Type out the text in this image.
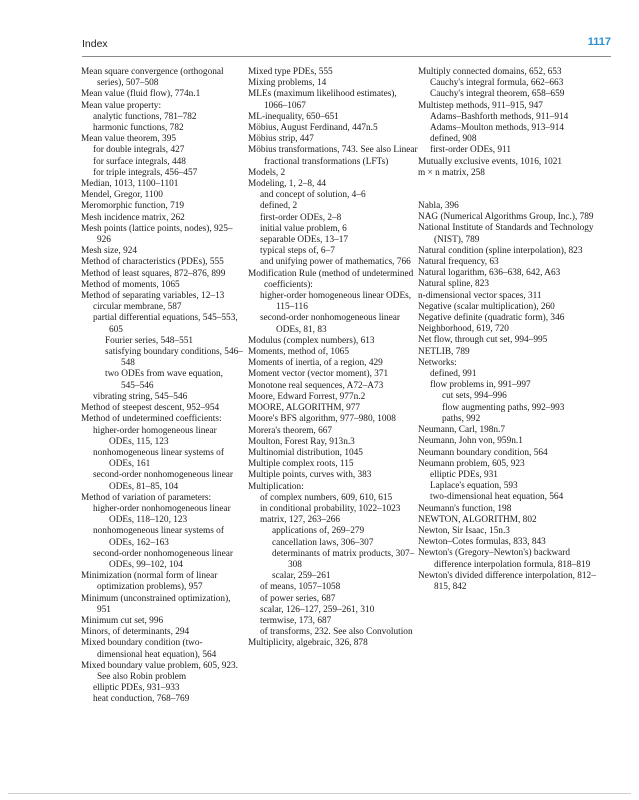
Index	1117
Mean square convergence (orthogonal series), 507–508
Mean value (fluid flow), 774n.1
Mean value property:
analytic functions, 781–782
harmonic functions, 782
Mean value theorem, 395
for double integrals, 427
for surface integrals, 448
for triple integrals, 456–457
Median, 1013, 1100–1101
Mendel, Gregor, 1100
Meromorphic function, 719
Mesh incidence matrix, 262
Mesh points (lattice points, nodes), 925–926
Mesh size, 924
Method of characteristics (PDEs), 555
Method of least squares, 872–876, 899
Method of moments, 1065
Method of separating variables, 12–13
circular membrane, 587
partial differential equations, 545–553, 605
Fourier series, 548–551
satisfying boundary conditions, 546–548
two ODEs from wave equation, 545–546
vibrating string, 545–546
Method of steepest descent, 952–954
Method of undetermined coefficients:
higher-order homogeneous linear ODEs, 115, 123
nonhomogeneous linear systems of ODEs, 161
second-order nonhomogeneous linear ODEs, 81–85, 104
Method of variation of parameters:
higher-order nonhomogeneous linear ODEs, 118–120, 123
nonhomogeneous linear systems of ODEs, 162–163
second-order nonhomogeneous linear ODEs, 99–102, 104
Minimization (normal form of linear optimization problems), 957
Minimum (unconstrained optimization), 951
Minimum cut set, 996
Minors, of determinants, 294
Mixed boundary condition (two-dimensional heat equation), 564
Mixed boundary value problem, 605, 923. See also Robin problem
elliptic PDEs, 931–933
heat conduction, 768–769
Mixed type PDEs, 555
Mixing problems, 14
MLEs (maximum likelihood estimates), 1066–1067
ML-inequality, 650–651
Möbius, August Ferdinand, 447n.5
Möbius strip, 447
Möbius transformations, 743. See also Linear fractional transformations (LFTs)
Models, 2
Modeling, 1, 2–8, 44
and concept of solution, 4–6
defined, 2
first-order ODEs, 2–8
initial value problem, 6
separable ODEs, 13–17
typical steps of, 6–7
and unifying power of mathematics, 766
Modification Rule (method of undetermined coefficients):
higher-order homogeneous linear ODEs, 115–116
second-order nonhomogeneous linear ODEs, 81, 83
Modulus (complex numbers), 613
Moments, method of, 1065
Moments of inertia, of a region, 429
Moment vector (vector moment), 371
Monotone real sequences, A72–A73
Moore, Edward Forrest, 977n.2
MOORE, ALGORITHM, 977
Moore's BFS algorithm, 977–980, 1008
Morera's theorem, 667
Moulton, Forest Ray, 913n.3
Multinomial distribution, 1045
Multiple complex roots, 115
Multiple points, curves with, 383
Multiplication:
of complex numbers, 609, 610, 615
in conditional probability, 1022–1023
matrix, 127, 263–266
applications of, 269–279
cancellation laws, 306–307
determinants of matrix products, 307–308
scalar, 259–261
of means, 1057–1058
of power series, 687
scalar, 126–127, 259–261, 310
termwise, 173, 687
of transforms, 232. See also Convolution
Multiplicity, algebraic, 326, 878
Multiply connected domains, 652, 653
Cauchy's integral formula, 662–663
Cauchy's integral theorem, 658–659
Multistep methods, 911–915, 947
Adams–Bashforth methods, 911–914
Adams–Moulton methods, 913–914
defined, 908
first-order ODEs, 911
Mutually exclusive events, 1016, 1021
m × n matrix, 258
Nabla, 396
NAG (Numerical Algorithms Group, Inc.), 789
National Institute of Standards and Technology (NIST), 789
Natural condition (spline interpolation), 823
Natural frequency, 63
Natural logarithm, 636–638, 642, A63
Natural spline, 823
n-dimensional vector spaces, 311
Negative (scalar multiplication), 260
Negative definite (quadratic form), 346
Neighborhood, 619, 720
Net flow, through cut set, 994–995
NETLIB, 789
Networks:
defined, 991
flow problems in, 991–997
cut sets, 994–996
flow augmenting paths, 992–993
paths, 992
Neumann, Carl, 198n.7
Neumann, John von, 959n.1
Neumann boundary condition, 564
Neumann problem, 605, 923
elliptic PDEs, 931
Laplace's equation, 593
two-dimensional heat equation, 564
Neumann's function, 198
NEWTON, ALGORITHM, 802
Newton, Sir Isaac, 15n.3
Newton–Cotes formulas, 833, 843
Newton's (Gregory–Newton's) backward difference interpolation formula, 818–819
Newton's divided difference interpolation, 812–815, 842
